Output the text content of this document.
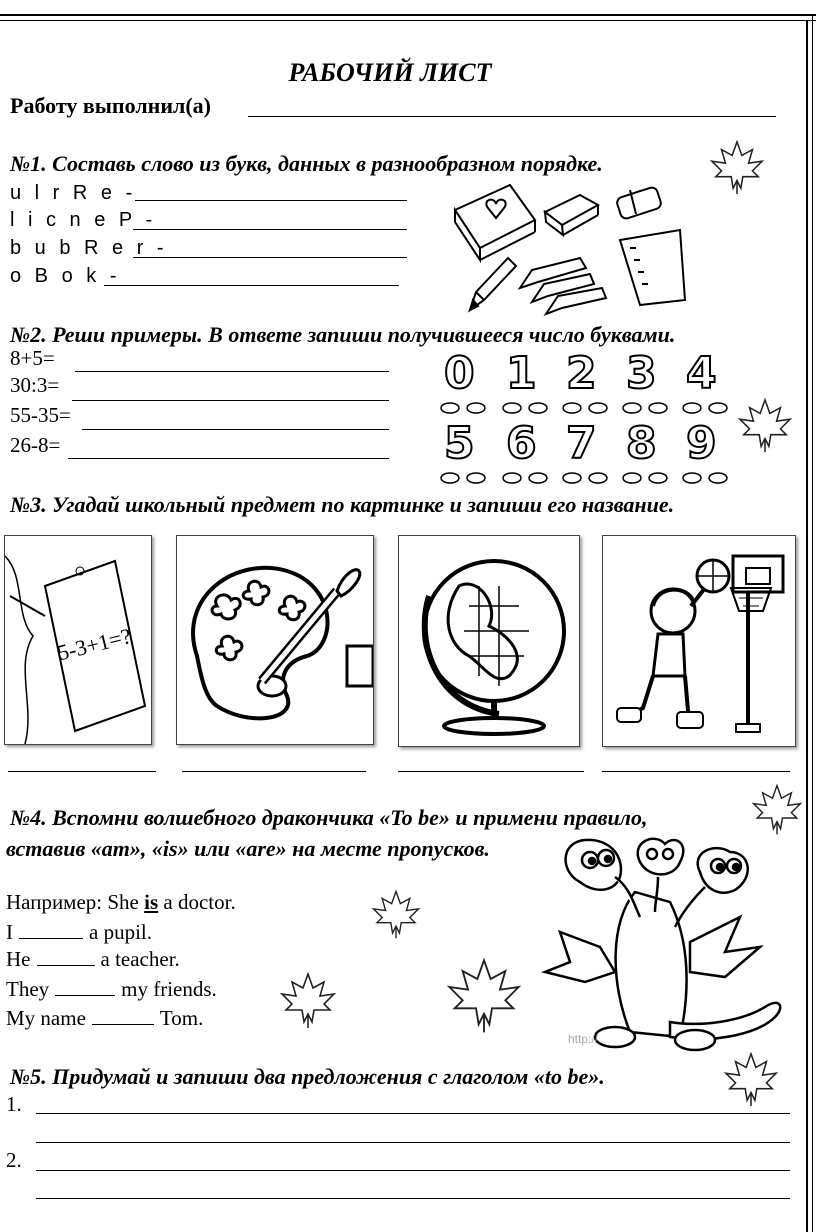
РАБОЧИЙ ЛИСТ
Работу выполнил(а)
№1. Составь слово из букв, данных в разнообразном порядке.
u l r R e -
l i c n e P -
b u b R e r -
o B o k -
№2. Реши примеры. В ответе запиши получившееся число буквами.
8+5=
30:3=
55-35=
26-8=
0 1 2 3 4
5 6 7 8 9
№3. Угадай школьный предмет по картинке и запиши его название.
5-3+1=?
№4. Вспомни волшебного дракончика «To be» и примени правило,
вставив «am», «is» или «are» на месте пропусков.
Например: She is a doctor.
I	a pupil.
He	a teacher.
They	my friends.
My name	Tom.
http://
№5. Придумай и запиши два предложения с глаголом «to be».
1.
2.
